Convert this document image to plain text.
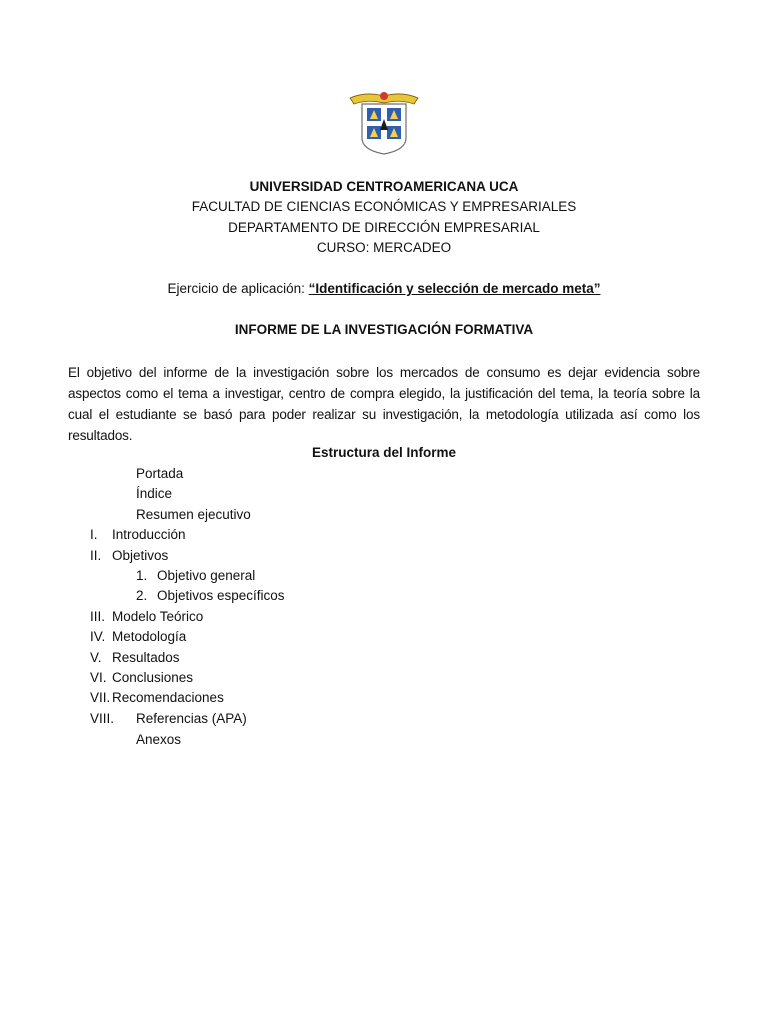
UNIVERSIDAD CENTROAMERICANA UCA
FACULTAD DE CIENCIAS ECONÓMICAS Y EMPRESARIALES
DEPARTAMENTO DE DIRECCIÓN EMPRESARIAL
CURSO: MERCADEO
Ejercicio de aplicación: “Identificación y selección de mercado meta”
INFORME DE LA INVESTIGACIÓN FORMATIVA
El objetivo del informe de la investigación sobre los mercados de consumo es dejar evidencia sobre aspectos como el tema a investigar, centro de compra elegido, la justificación del tema, la teoría sobre la cual el estudiante se basó para poder realizar su investigación, la metodología utilizada así como los resultados.
Estructura del Informe
Portada
Índice
Resumen ejecutivo
I. Introducción
II. Objetivos
1. Objetivo general
2. Objetivos específicos
III. Modelo Teórico
IV. Metodología
V. Resultados
VI. Conclusiones
VII. Recomendaciones
VIII. Referencias (APA)
Anexos
